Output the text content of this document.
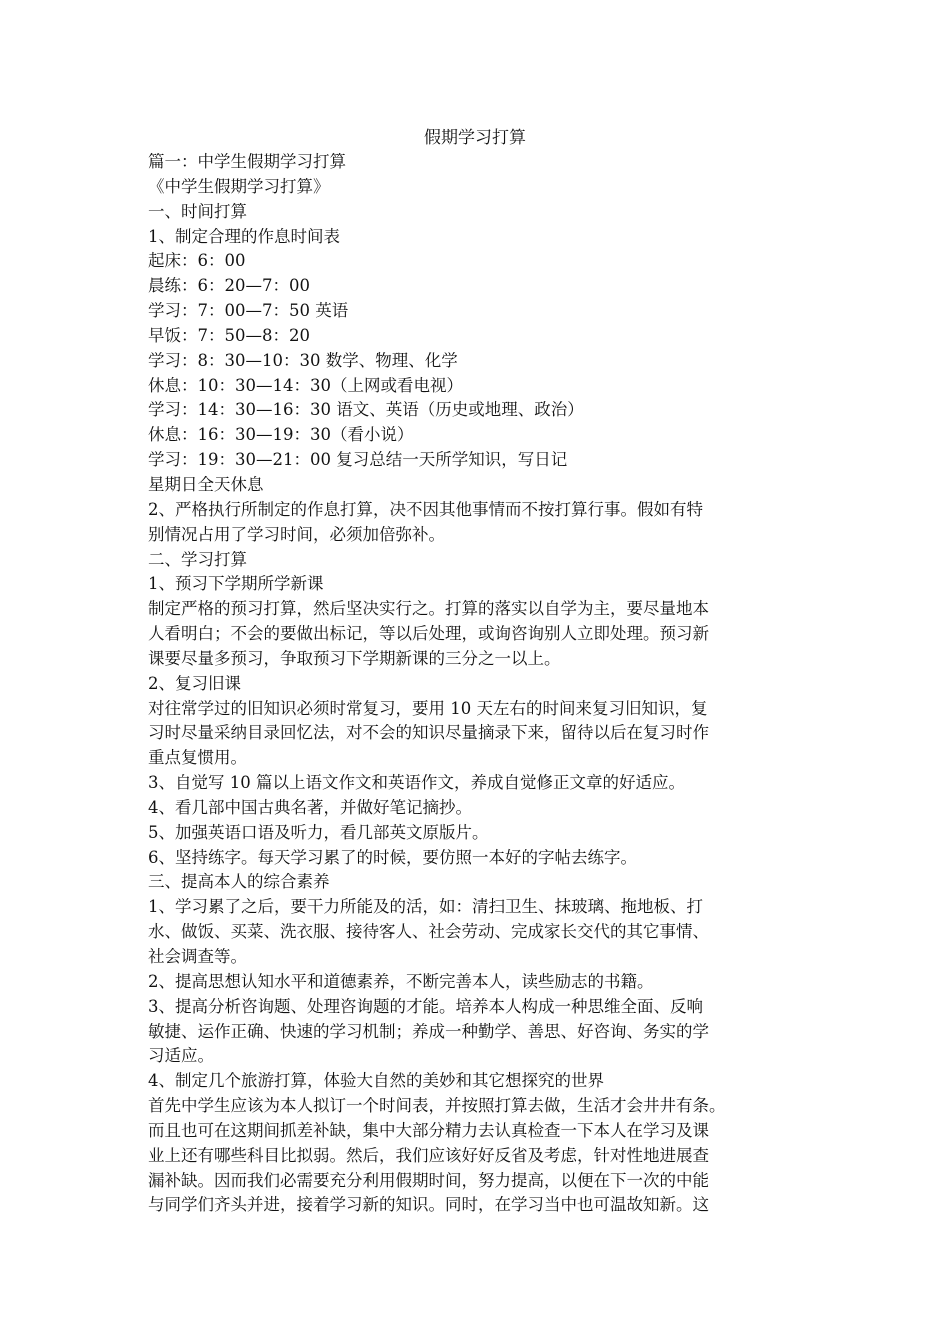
假期学习打算
篇一：中学生假期学习打算
《中学生假期学习打算》
一、时间打算
1、制定合理的作息时间表
起床：6：00
晨练：6：20—7：00
学习：7：00—7：50 英语
早饭：7：50—8：20
学习：8：30—10：30 数学、物理、化学
休息：10：30—14：30（上网或看电视）
学习：14：30—16：30 语文、英语（历史或地理、政治）
休息：16：30—19：30（看小说）
学习：19：30—21：00 复习总结一天所学知识，写日记
星期日全天休息
2、严格执行所制定的作息打算，决不因其他事情而不按打算行事。假如有特
别情况占用了学习时间，必须加倍弥补。
二、学习打算
1、预习下学期所学新课
制定严格的预习打算，然后坚决实行之。打算的落实以自学为主，要尽量地本
人看明白；不会的要做出标记，等以后处理，或询咨询别人立即处理。预习新
课要尽量多预习，争取预习下学期新课的三分之一以上。
2、复习旧课
对往常学过的旧知识必须时常复习，要用 10 天左右的时间来复习旧知识，复
习时尽量采纳目录回忆法，对不会的知识尽量摘录下来，留待以后在复习时作
重点复惯用。
3、自觉写 10 篇以上语文作文和英语作文，养成自觉修正文章的好适应。
4、看几部中国古典名著，并做好笔记摘抄。
5、加强英语口语及听力，看几部英文原版片。
6、坚持练字。每天学习累了的时候，要仿照一本好的字帖去练字。
三、提高本人的综合素养
1、学习累了之后，要干力所能及的活，如：清扫卫生、抹玻璃、拖地板、打
水、做饭、买菜、洗衣服、接待客人、社会劳动、完成家长交代的其它事情、
社会调查等。
2、提高思想认知水平和道德素养，不断完善本人，读些励志的书籍。
3、提高分析咨询题、处理咨询题的才能。培养本人构成一种思维全面、反响
敏捷、运作正确、快速的学习机制；养成一种勤学、善思、好咨询、务实的学
习适应。
4、制定几个旅游打算，体验大自然的美妙和其它想探究的世界
首先中学生应该为本人拟订一个时间表，并按照打算去做，生活才会井井有条。
而且也可在这期间抓差补缺，集中大部分精力去认真检查一下本人在学习及课
业上还有哪些科目比拟弱。然后，我们应该好好反省及考虑，针对性地进展查
漏补缺。因而我们必需要充分利用假期时间，努力提高，以便在下一次的中能
与同学们齐头并进，接着学习新的知识。同时，在学习当中也可温故知新。这
